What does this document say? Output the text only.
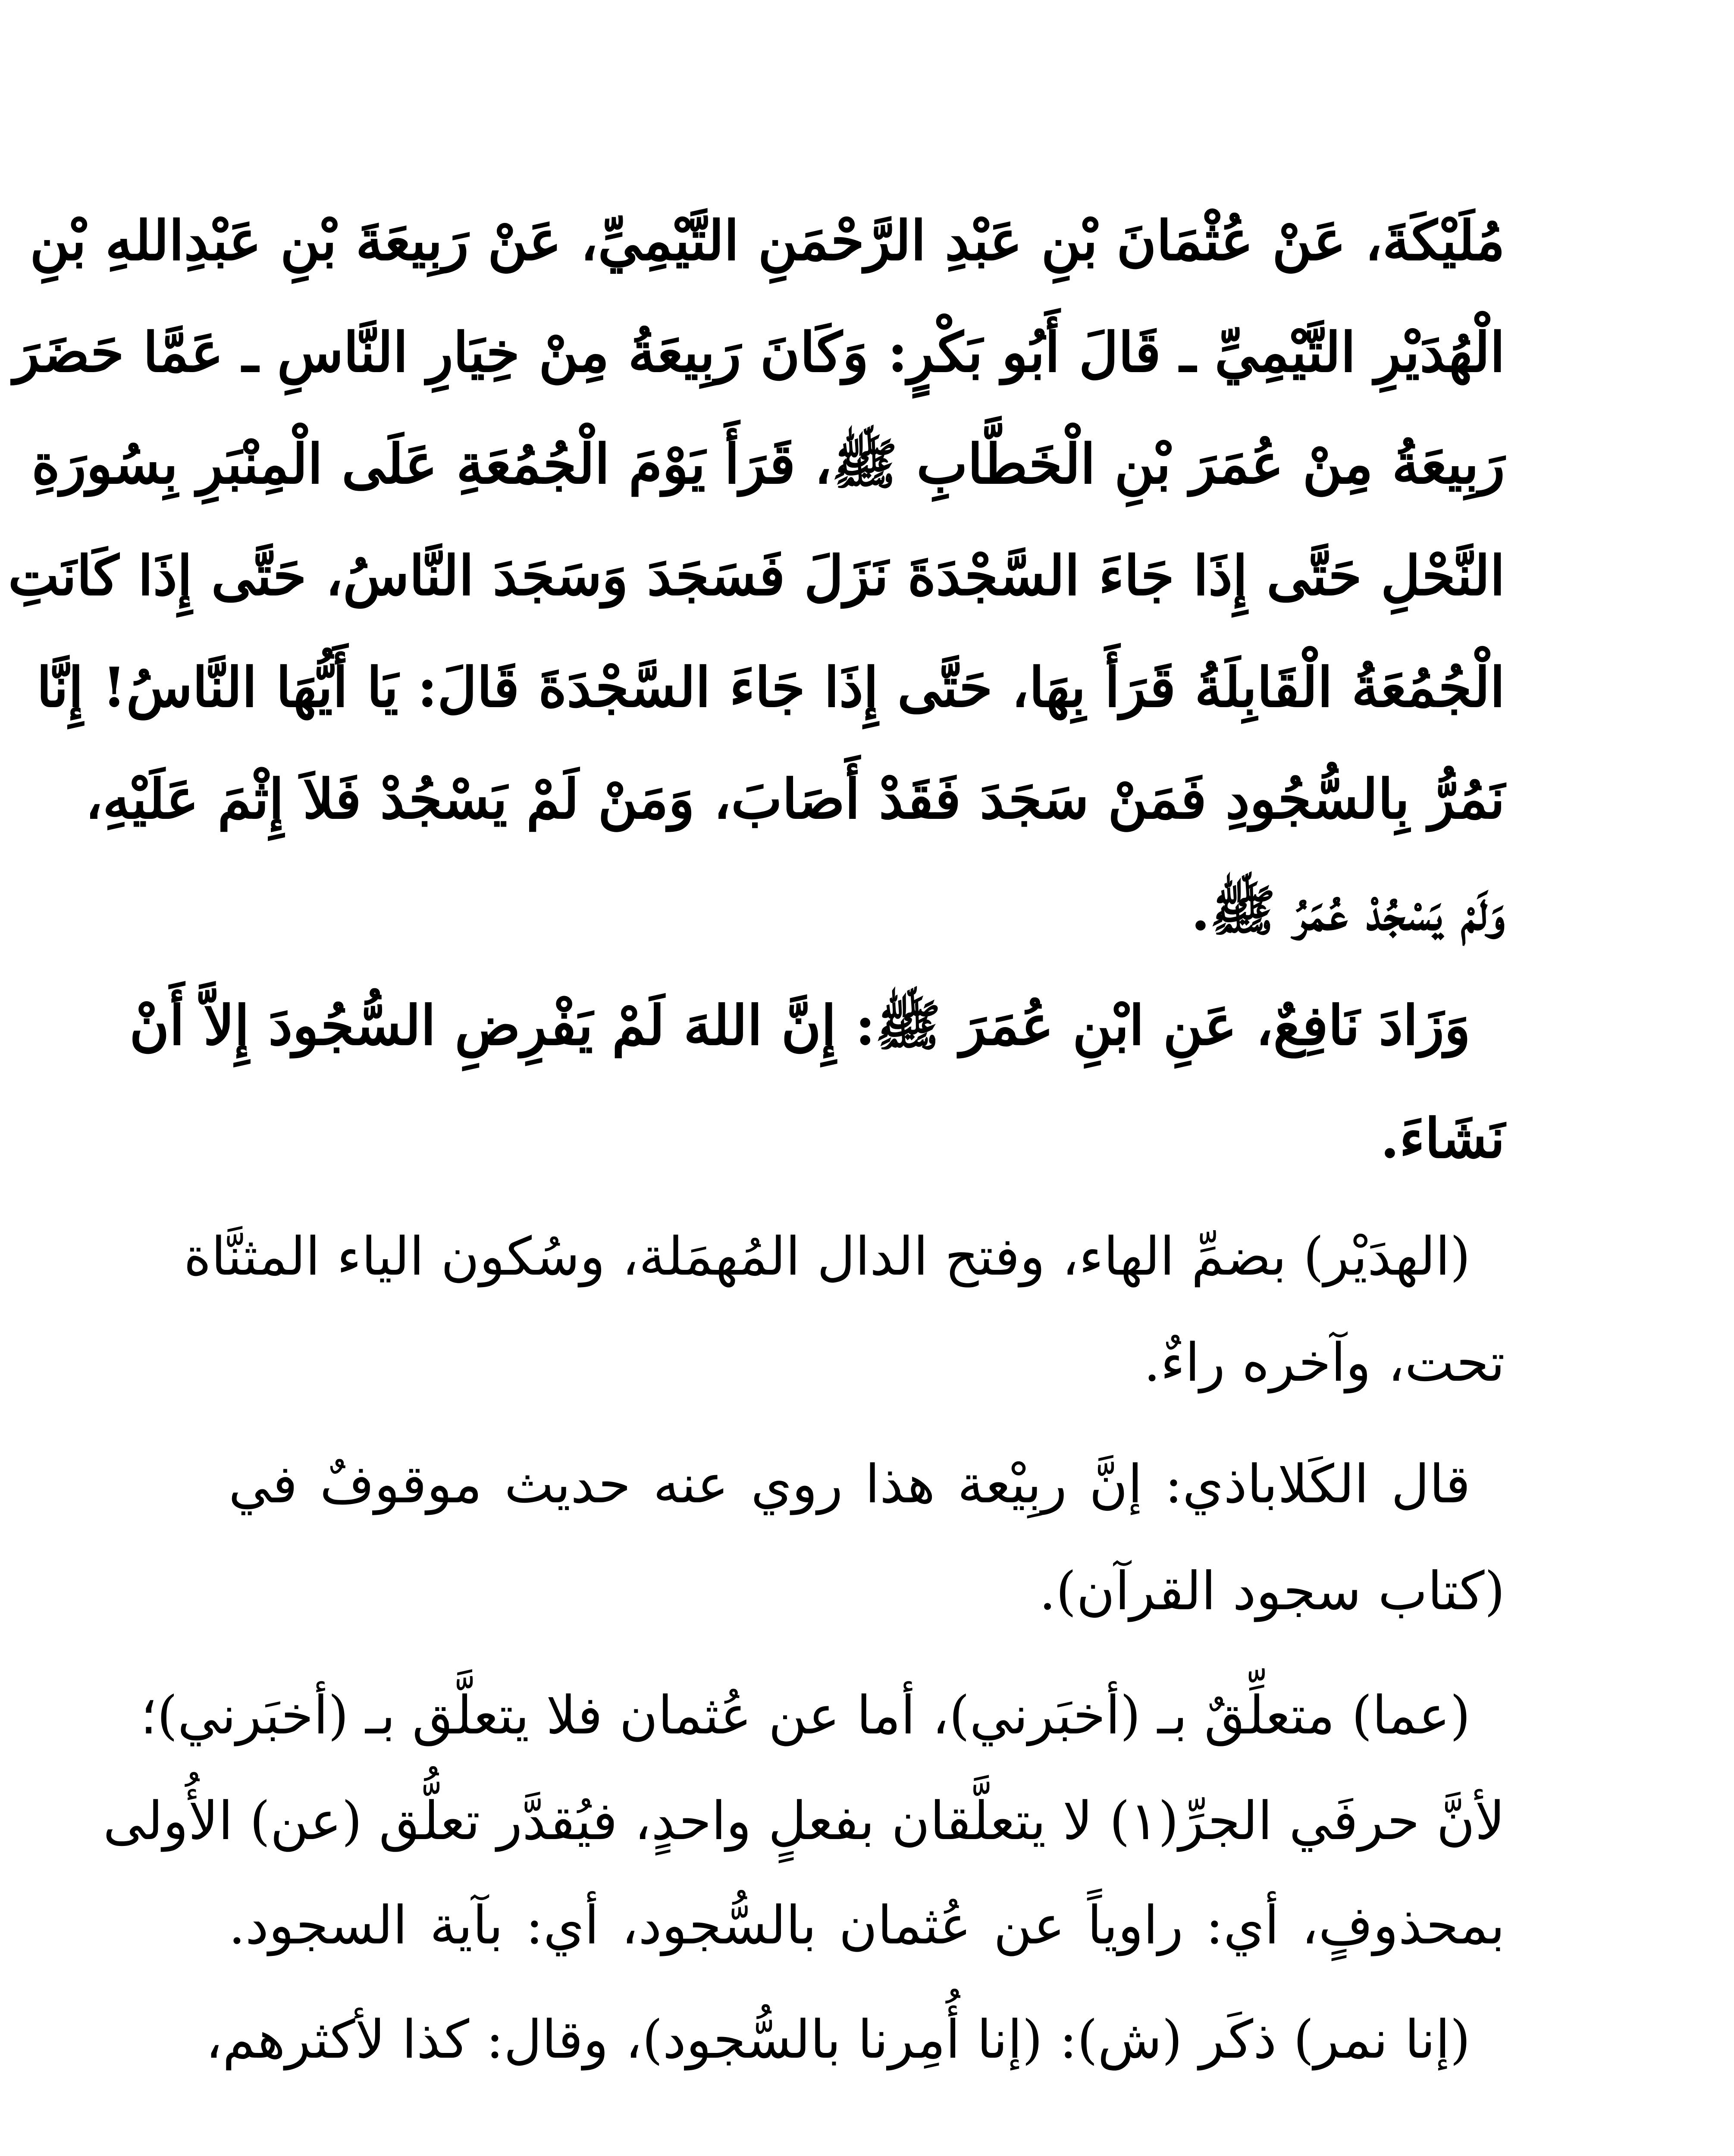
مُلَيْكَةَ، عَنْ عُثْمَانَ بْنِ عَبْدِ الرَّحْمَنِ التَّيْمِيِّ، عَنْ رَبِيعَةَ بْنِ عَبْدِاللهِ بْنِ
الْهُدَيْرِ التَّيْمِيِّ ـ قَالَ أَبُو بَكْرٍ: وَكَانَ رَبِيعَةُ مِنْ خِيَارِ النَّاسِ ـ عَمَّا حَضَرَ
رَبِيعَةُ مِنْ عُمَرَ بْنِ الْخَطَّابِ ﷺ، قَرَأَ يَوْمَ الْجُمُعَةِ عَلَى الْمِنْبَرِ بِسُورَةِ
النَّحْلِ حَتَّى إِذَا جَاءَ السَّجْدَةَ نَزَلَ فَسَجَدَ وَسَجَدَ النَّاسُ، حَتَّى إِذَا كَانَتِ
الْجُمُعَةُ الْقَابِلَةُ قَرَأَ بِهَا، حَتَّى إِذَا جَاءَ السَّجْدَةَ قَالَ: يَا أَيُّهَا النَّاسُ! إِنَّا
نَمُرُّ بِالسُّجُودِ فَمَنْ سَجَدَ فَقَدْ أَصَابَ، وَمَنْ لَمْ يَسْجُدْ فَلاَ إِثْمَ عَلَيْهِ،
وَلَمْ يَسْجُدْ عُمَرُ ﷺ.
وَزَادَ نَافِعٌ، عَنِ ابْنِ عُمَرَ ﷺ: إِنَّ اللهَ لَمْ يَفْرِضِ السُّجُودَ إِلاَّ أَنْ
نَشَاءَ.
(الهدَيْر) بضمِّ الهاء، وفتح الدال المُهمَلة، وسُكون الياء المثنَّاة
تحت، وآخره راءٌ.
قال الكَلاباذي: إنَّ ربِيْعة هذا روي عنه حديث موقوفٌ في
(كتاب سجود القرآن).
(عما) متعلِّقٌ بـ (أخبَرني)، أما عن عُثمان فلا يتعلَّق بـ (أخبَرني)؛
لأنَّ حرفَي الجرِّ(١) لا يتعلَّقان بفعلٍ واحدٍ، فيُقدَّر تعلُّق (عن) الأُولى
بمحذوفٍ، أي: راوياً عن عُثمان بالسُّجود، أي: بآية السجود.
(إنا نمر) ذكَر (ش): (إنا أُمِرنا بالسُّجود)، وقال: كذا لأكثرهم،
